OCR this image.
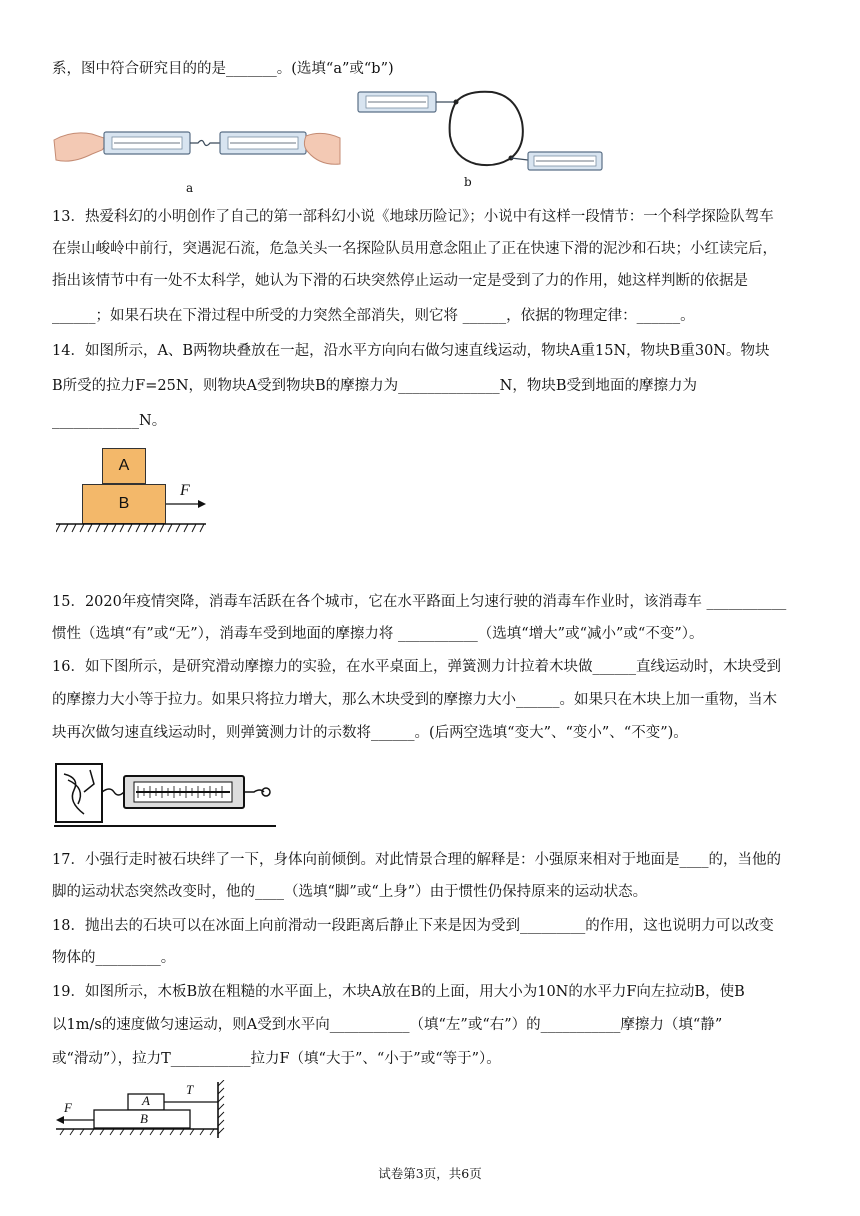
系，图中符合研究目的的是_______。(选填“a”或“b”)
a	b
13．热爱科幻的小明创作了自己的第一部科幻小说《地球历险记》；小说中有这样一段情节：一个科学探险队驾车
在崇山峻岭中前行，突遇泥石流，危急关头一名探险队员用意念阻止了正在快速下滑的泥沙和石块；小红读完后，
指出该情节中有一处不太科学，她认为下滑的石块突然停止运动一定是受到了力的作用，她这样判断的依据是
______；如果石块在下滑过程中所受的力突然全部消失，则它将 ______，依据的物理定律：______。
14．如图所示，A、B两物块叠放在一起，沿水平方向向右做匀速直线运动，物块A重15N，物块B重30N。物块
B所受的拉力F=25N，则物块A受到物块B的摩擦力为______________N，物块B受到地面的摩擦力为
____________N。
A
B
F
15．2020年疫情突降，消毒车活跃在各个城市，它在水平路面上匀速行驶的消毒车作业时，该消毒车 ___________
惯性（选填“有”或“无”），消毒车受到地面的摩擦力将 ___________（选填“增大”或“减小”或“不变”）。
16．如下图所示，是研究滑动摩擦力的实验，在水平桌面上，弹簧测力计拉着木块做______直线运动时，木块受到
的摩擦力大小等于拉力。如果只将拉力增大，那么木块受到的摩擦力大小______。如果只在木块上加一重物，当木
块再次做匀速直线运动时，则弹簧测力计的示数将______。(后两空选填“变大”、“变小”、“不变”)。
17．小强行走时被石块绊了一下，身体向前倾倒。对此情景合理的解释是：小强原来相对于地面是____的，当他的
脚的运动状态突然改变时，他的____（选填“脚”或“上身”）由于惯性仍保持原来的运动状态。
18．抛出去的石块可以在冰面上向前滑动一段距离后静止下来是因为受到_________的作用，这也说明力可以改变
物体的_________。
19．如图所示，木板B放在粗糙的水平面上，木块A放在B的上面，用大小为10N的水平力F向左拉动B，使B
以1m/s的速度做匀速运动，则A受到水平向___________（填“左”或“右”）的___________摩擦力（填“静”
或“滑动”），拉力T___________拉力F（填“大于”、“小于”或“等于”）。
A
B
F
T
试卷第3页，共6页
